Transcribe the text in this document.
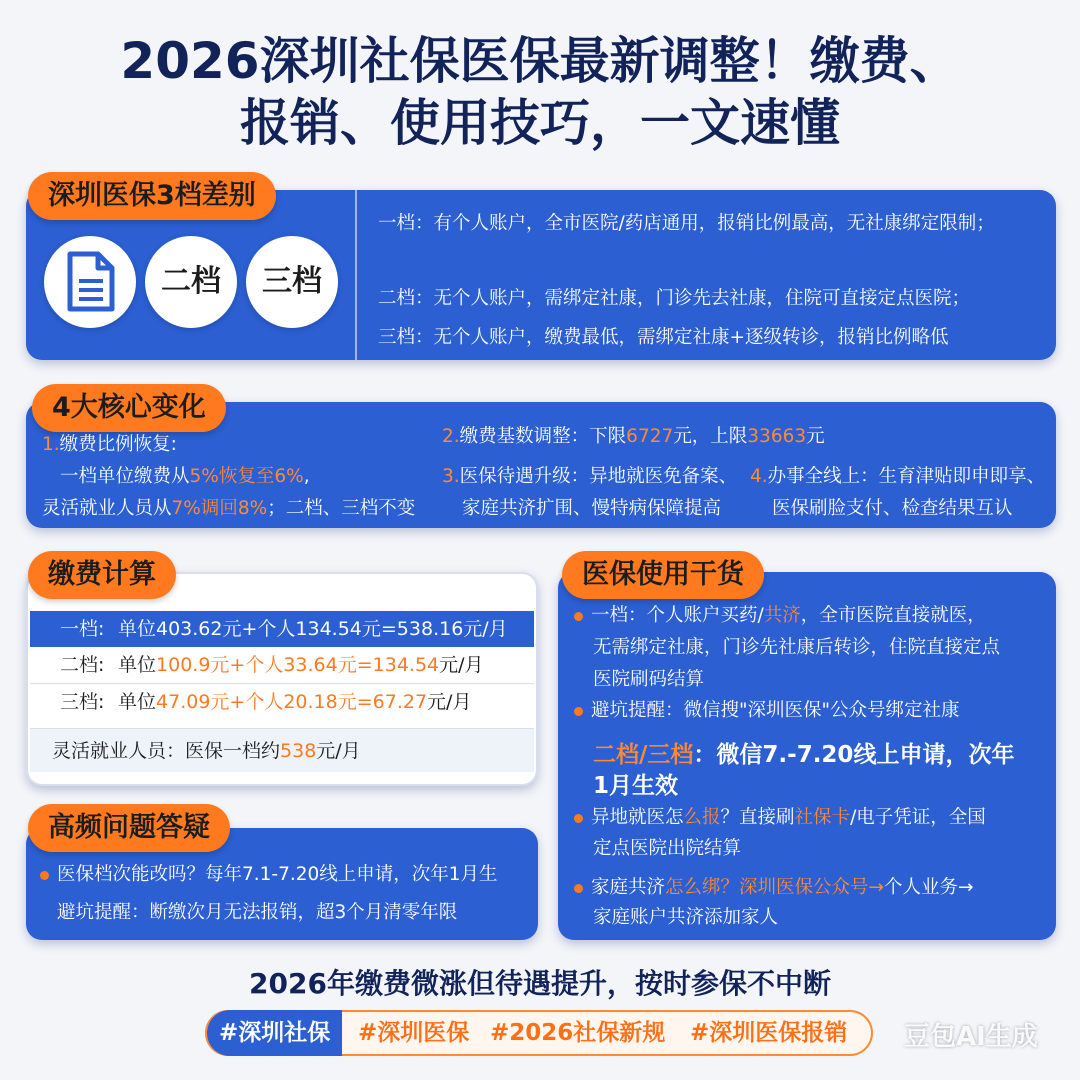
2026深圳社保医保最新调整！缴费、
报销、使用技巧，一文速懂
深圳医保3档差别
二档	三档
一档：有个人账户，全市医院/药店通用，报销比例最高，无社康绑定限制；
二档：无个人账户，需绑定社康，门诊先去社康，住院可直接定点医院；
三档：无个人账户，缴费最低，需绑定社康+逐级转诊，报销比例略低
4大核心变化
1.缴费比例恢复:
一档单位缴费从5%恢复至6%,
灵活就业人员从7%调回8%；二档、三档不变
2.缴费基数调整：下限6727元，上限33663元
3.医保待遇升级：异地就医免备案、
家庭共济扩围、慢特病保障提高
4.办事全线上：生育津贴即申即享、
医保刷脸支付、检查结果互认
缴费计算
一档: 单位403.62元+个人134.54元=538.16元/月
二档: 单位100.9元+个人33.64元=134.54元/月
三档: 单位47.09元+个人20.18元=67.27元/月
灵活就业人员：医保一档约538元/月
高频问题答疑
医保档次能改吗？每年7.1-7.20线上申请，次年1月生
避坑提醒：断缴次月无法报销，超3个月清零年限
医保使用干货
一档：个人账户买药/共济，全市医院直接就医，
无需绑定社康，门诊先社康后转诊，住院直接定点
医院刷码结算
避坑提醒：微信搜"深圳医保"公众号绑定社康
二档/三档：微信7.-7.20线上申请，次年
1月生效
异地就医怎么报？直接刷社保卡/电子凭证，全国
定点医院出院结算
家庭共济怎么绑？深圳医保公众号→个人业务→
家庭账户共济添加家人
2026年缴费微涨但待遇提升，按时参保不中断
#深圳社保	#深圳医保 #2026社保新规 #深圳医保报销 豆包AI生成
